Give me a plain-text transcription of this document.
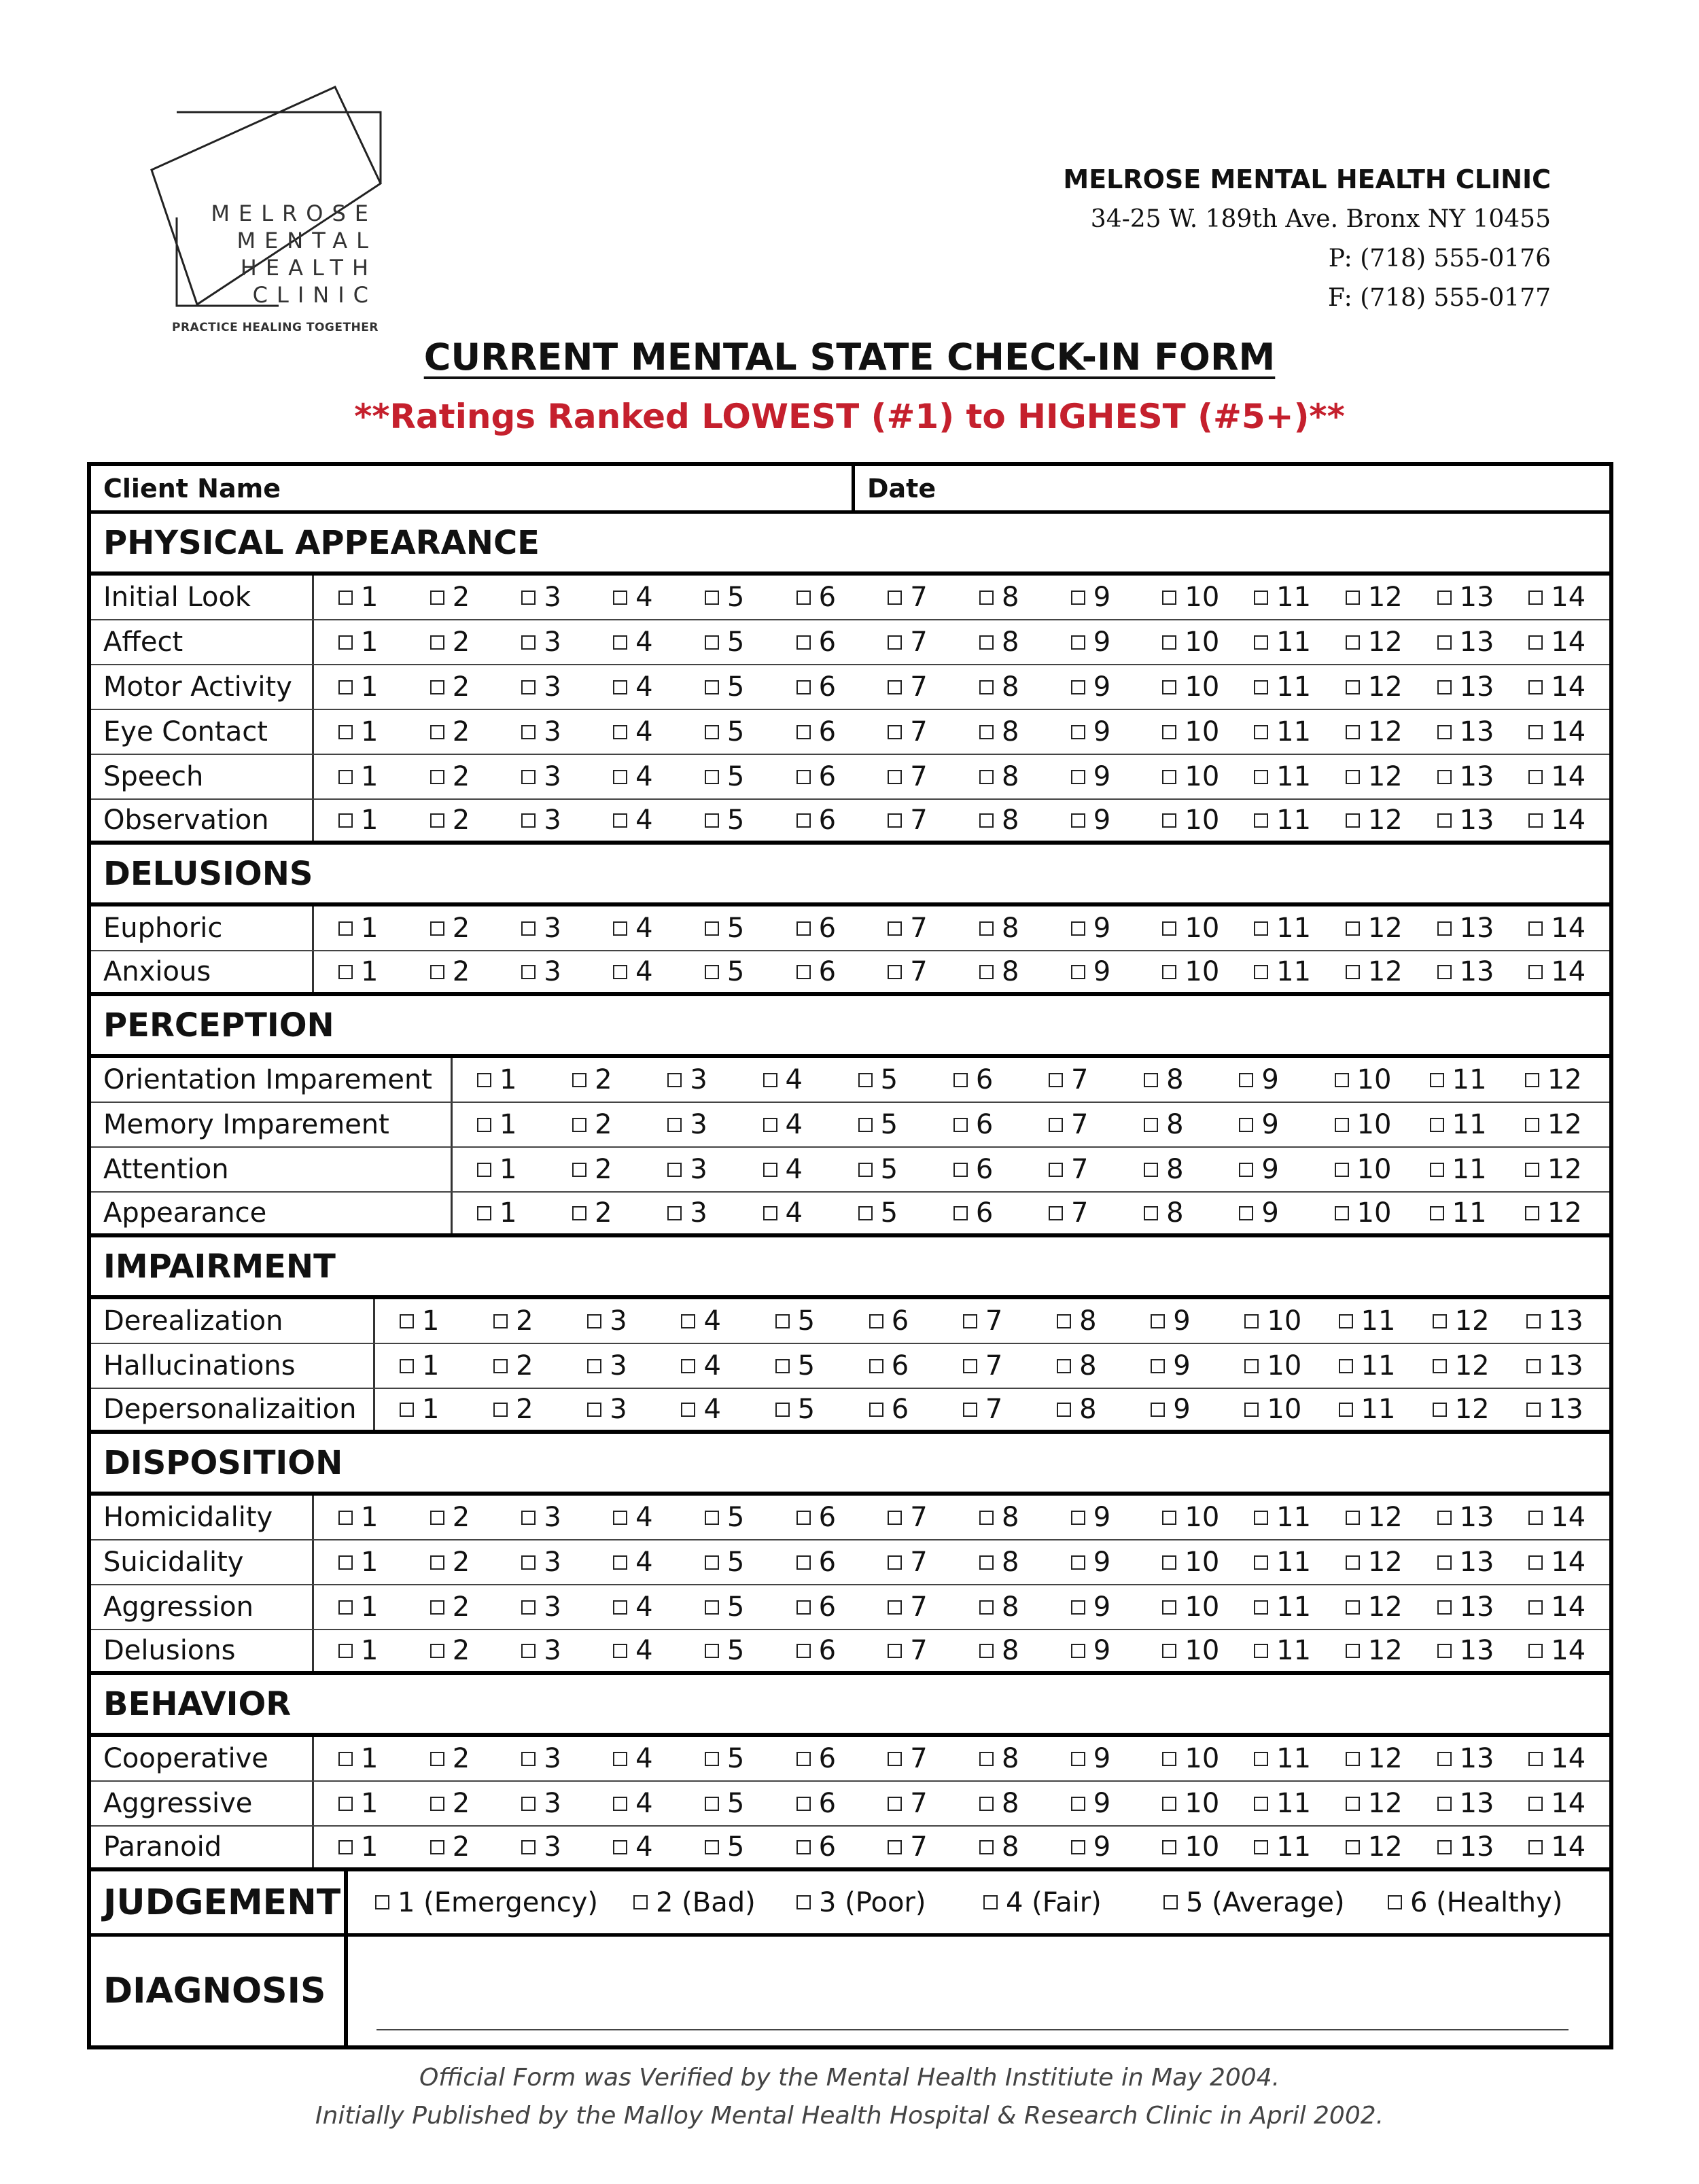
MELROSE
MENTAL
HEALTH
CLINIC
PRACTICE HEALING TOGETHER
MELROSE MENTAL HEALTH CLINIC
34-25 W. 189th Ave. Bronx NY 10455
P: (718) 555-0176
F: (718) 555-0177
CURRENT MENTAL STATE CHECK-IN FORM
**Ratings Ranked LOWEST (#1) to HIGHEST (#5+)**
Client Name	Date
PHYSICAL APPEARANCE
Initial Look	1	2	3	4	5	6	7	8	9	10 11 12 13 14
Affect	1	2	3	4	5	6	7	8	9	10 11 12 13 14
Motor Activity	1	2	3	4	5	6	7	8	9	10 11 12 13 14
Eye Contact	1	2	3	4	5	6	7	8	9	10 11 12 13 14
Speech	1	2	3	4	5	6	7	8	9	10 11 12 13 14
Observation	1	2	3	4	5	6	7	8	9	10 11 12 13 14
DELUSIONS
Euphoric	1	2	3	4	5	6	7	8	9	10 11 12 13 14
Anxious	1	2	3	4	5	6	7	8	9	10 11 12 13 14
PERCEPTION
Orientation Imparement	1	2	3	4	5	6	7	8	9	10 11 12
Memory Imparement	1	2	3	4	5	6	7	8	9	10 11 12
Attention	1	2	3	4	5	6	7	8	9	10 11 12
Appearance	1	2	3	4	5	6	7	8	9	10 11 12
IMPAIRMENT
Derealization	1	2	3	4	5	6	7	8	9	10 11 12 13
Hallucinations	1	2	3	4	5	6	7	8	9	10 11 12 13
Depersonalizaition	1	2	3	4	5	6	7	8	9	10 11 12 13
DISPOSITION
Homicidality	1	2	3	4	5	6	7	8	9	10 11 12 13 14
Suicidality	1	2	3	4	5	6	7	8	9	10 11 12 13 14
Aggression	1	2	3	4	5	6	7	8	9	10 11 12 13 14
Delusions	1	2	3	4	5	6	7	8	9	10 11 12 13 14
BEHAVIOR
Cooperative	1	2	3	4	5	6	7	8	9	10 11 12 13 14
Aggressive	1	2	3	4	5	6	7	8	9	10 11 12 13 14
Paranoid	1	2	3	4	5	6	7	8	9	10 11 12 13 14
JUDGEMENT 1 (Emergency) 2 (Bad) 3 (Poor)	4 (Fair)	5 (Average) 6 (Healthy)
DIAGNOSIS
Official Form was Verified by the Mental Health Institiute in May 2004.
Initially Published by the Malloy Mental Health Hospital & Research Clinic in April 2002.
